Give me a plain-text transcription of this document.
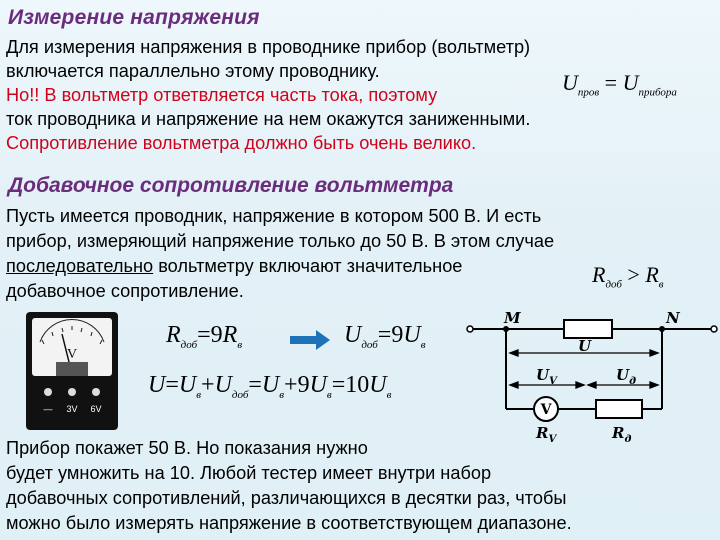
Измерение напряжения
Для измерения напряжения в проводнике прибор (вольтметр)
включается параллельно этому проводнику.
Но!! В вольтметр ответвляется часть тока, поэтому
ток проводника и напряжение на нем окажутся заниженными.
Сопротивление вольтметра должно быть очень велико.
$U_{пров} = U_{прибора}$
Добавочное сопротивление вольтметра
Пусть имеется проводник, напряжение в котором 500 В. И есть
прибор, измеряющий напряжение только до 50 В. В этом случае
последовательно вольтметру включают значительное
добавочное сопротивление.
$R_{доб} > R_в$
V
— 3V 6V
$R_{доб}=9R_в$	$U_{доб}=9U_в$
$U=U_в+U_{доб}=U_в+9U_в=10U_в$
M	N
U
$U_V$	$U_д$
V
$R_V$	$R_д$
Прибор покажет 50 В. Но показания нужно
будет умножить на 10. Любой тестер имеет внутри набор
добавочных сопротивлений, различающихся в десятки раз, чтобы
можно было измерять напряжение в соответствующем диапазоне.
